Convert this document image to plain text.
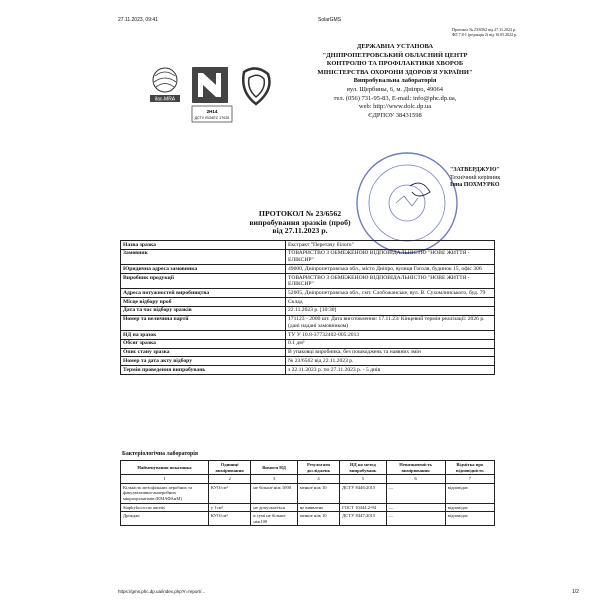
27.11.2023, 09:41	SolarGMS
Протокол № 23/6562 від 27.11.2023 р.
ФЛ 7.8-1 (редакція 2) від 16.05.2022 р.
ilac-MRA
2Н14
ДСТУ ISO/IEC 17025
ДЕРЖАВНА УСТАНОВА
"ДНІПРОПЕТРОВСЬКИЙ ОБЛАСНИЙ ЦЕНТР
КОНТРОЛЮ ТА ПРОФІЛАКТИКИ ХВОРОБ
МІНІСТЕРСТВА ОХОРОНИ ЗДОРОВ'Я УКРАЇНИ"
Випробувальна лабораторія
вул. Щербины, 6, м. Дніпро, 49064
тел. (056) 731-95-83, E-mail: info@phc.dp.ua,
web: http://www.dolc.dp.ua
ЄДРПОУ 38431598
"ЗАТВЕРДЖУЮ"
Технічний керівник
Інна ПОХМУРКО
ПРОТОКОЛ № 23/6562
випробування зразків (проб)
від 27.11.2023 р.
Назва зразка	Екстракт "Перетачу білого"
Замовник	ТОВАРИСТВО З ОБМЕЖЕНОЮ ВІДПОВІДАЛЬНІСТЮ "НОВЕ ЖИТТЯ - ЕЛІКСИР"
Юридична адреса замовника	49000, Дніпропетровська обл., місто Дніпро, вулиця Гоголя, будинок 15, офіс 306
Виробник продукції	ТОВАРИСТВО З ОБМЕЖЕНОЮ ВІДПОВІДАЛЬНІСТЮ "НОВЕ ЖИТТЯ - ЕЛІКСИР"
Адреса потужностей виробництва	52005, Дніпропетровська обл., смт. Слобожанське, вул. В. Сухомлинського, буд. 79
Місце відбору проб	Склад
Дата та час відбору зразків	22.11.2023 р. [10:30]
Номер та величина партії	171123 - 2000 шт. Дата виготовлення: 17.11.23/ Кінцевий термін реалізації: 2026 р. (дані надані замовником)
НД на зразок	ТУ У 10.8-37732402-005:2013
Обсяг зразка	0.1 дм³
Опис стану зразка	В упаковці виробника, без пошкоджень та наявних змін
Номер та дата акту відбору	№ 23/6562 від 22.11.2023 р.
Термін проведення випробувань	з 22.11.2023 р. по 27.11.2023 р. - 5 днів
Бактеріологічна лабораторія
Найменування показника	Одиниці вимірювання	Вимоги НД	Результати досліджень	НД на метод випробувань	Невизначеність вимірювання	Відмітка про відповідність
1	2	3	4	5	6	7
Кількість мезофільних аеробних та факультативно-анаеробних мікроорганізмів (КМАФАнМ)	КУО/см³	не більше ніж 1000	менше ніж 10	ДСТУ 8446:2015	—	відповідає
Staphylococcus aureus	у 1см³	не допускається	не виявлено	ГОСТ 10444.2-94	—	відповідає
Дріжджі	КУО/см³	в сумі не більше ніж100	менше ніж 10	ДСТУ 8447:2015	—	відповідає
https://gms.phc.dp.ua/index.php?r=report/...	1/2
